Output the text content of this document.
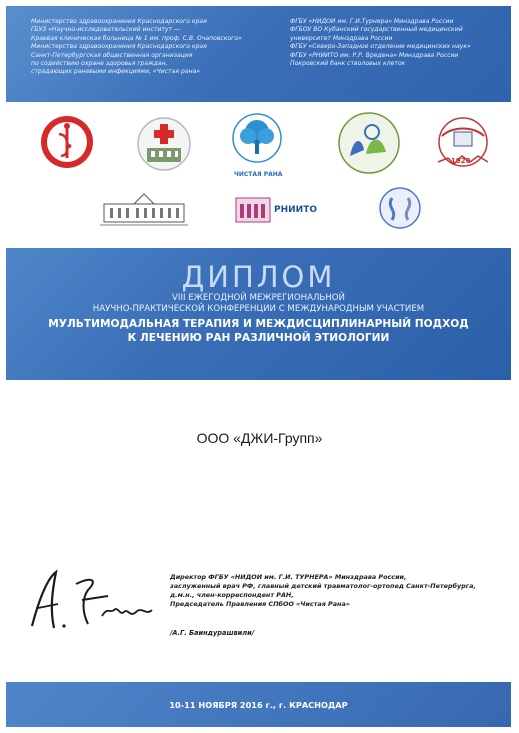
Министерство здравоохранения Краснодарского края
ГБУЗ «Научно-исследовательский институт —
Краевая клиническая больница № 1 им. проф. С.В. Очаповского»
Министерства здравоохранения Краснодарского края
Санкт-Петербургская общественная организация
по содействию охране здоровья граждан,
страдающих раневыми инфекциями, «Чистая рана»
ФГБУ «НИДОИ им. Г.И.Турнера» Минздрава России
ФГБОУ ВО Кубанский государственный медицинский
университет Минздрава России
ФГБУ «Северо-Западное отделение медицинских наук»
ФГБУ «РНИИТО им. Р.Р. Вредена» Минздрава России
Покровский банк стволовых клеток
ЧИСТАЯ РАНА
1920
РНИИТО
ДИПЛОМ
VIII ЕЖЕГОДНОЙ МЕЖРЕГИОНАЛЬНОЙ
НАУЧНО-ПРАКТИЧЕСКОЙ КОНФЕРЕНЦИИ С МЕЖДУНАРОДНЫМ УЧАСТИЕМ
МУЛЬТИМОДАЛЬНАЯ ТЕРАПИЯ И МЕЖДИСЦИПЛИНАРНЫЙ ПОДХОД
К ЛЕЧЕНИЮ РАН РАЗЛИЧНОЙ ЭТИОЛОГИИ
ООО «ДЖИ-Групп»
Директор ФГБУ «НИДОИ им. Г.И. ТУРНЕРА» Минздрава России,
заслуженный врач РФ, главный детский травматолог-ортопед Санкт-Петербурга,
д.м.н., член-корреспондент РАН,
Председатель Правления СПбОО «Чистая Рана»
/А.Г. Баиндурашвили/
10-11 НОЯБРЯ 2016 г., г. КРАСНОДАР
